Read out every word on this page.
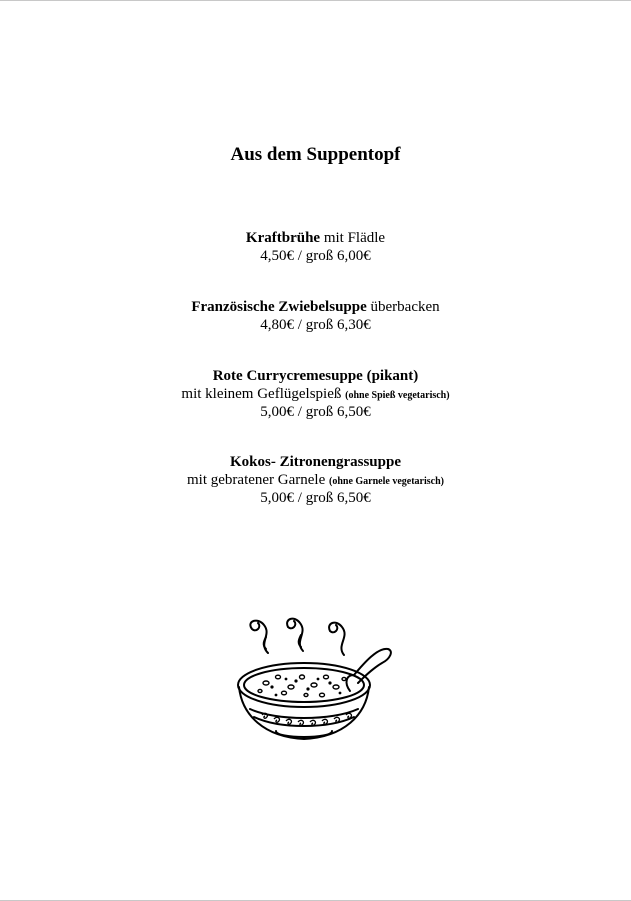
Aus dem Suppentopf
Kraftbrühe mit Flädle
4,50€ / groß 6,00€
Französische Zwiebelsuppe überbacken
4,80€ / groß 6,30€
Rote Currycremesuppe (pikant)
mit kleinem Geflügelspieß (ohne Spieß vegetarisch)
5,00€ / groß 6,50€
Kokos- Zitronengrassuppe
mit gebratener Garnele (ohne Garnele vegetarisch)
5,00€ / groß 6,50€
